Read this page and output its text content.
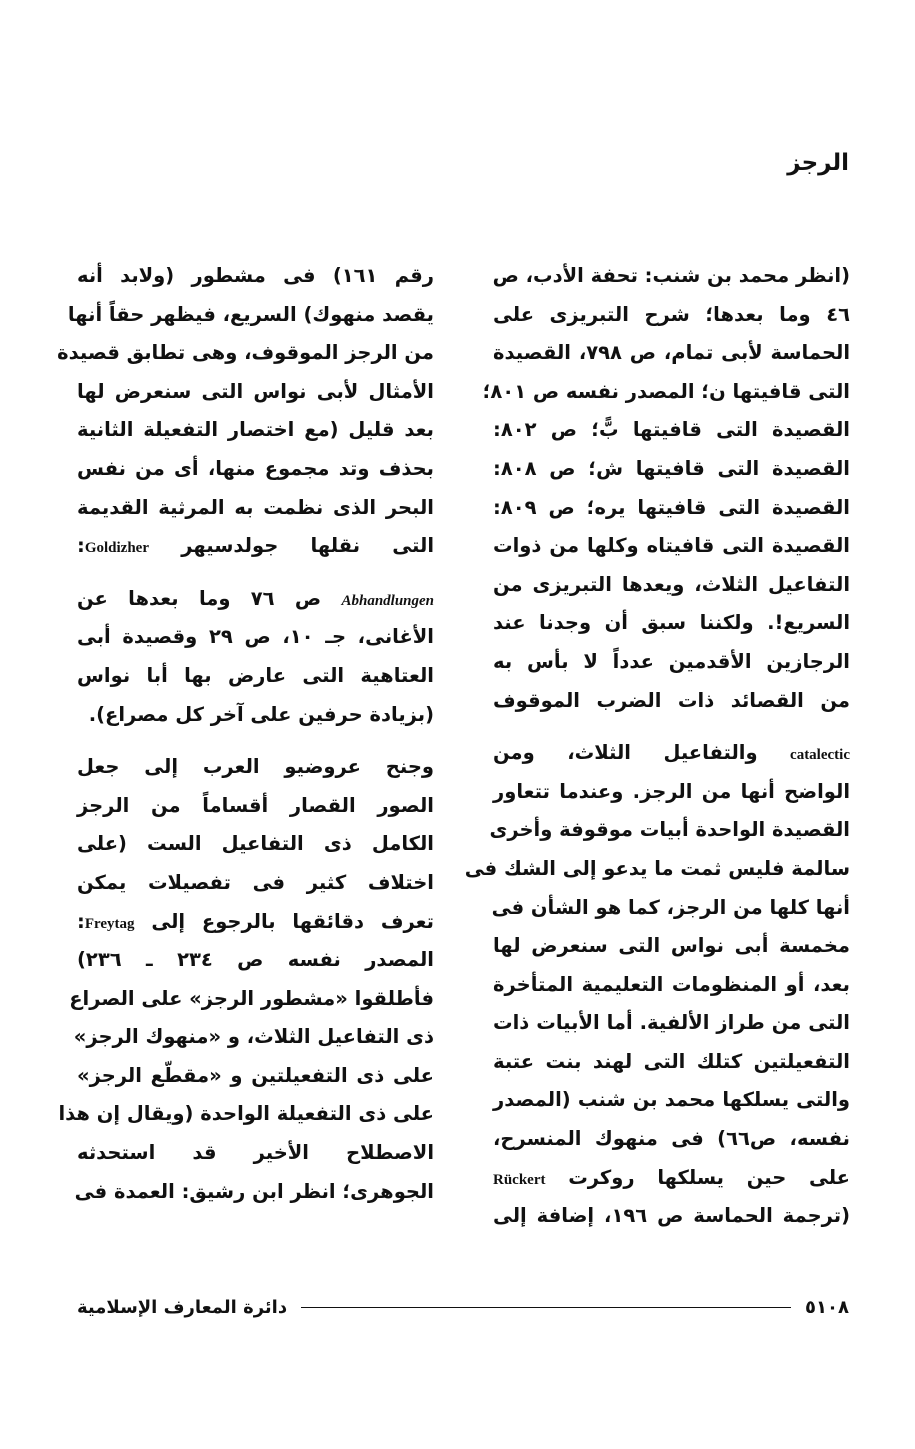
الرجز
(انظر محمد بن شنب: تحفة الأدب، ص
٤٦ وما بعدها؛ شرح التبريزى على
الحماسة لأبى تمام، ص ٧٩٨، القصيدة
التى قافيتها ن؛ المصدر نفسه ص ٨٠١؛
القصيدة التى قافيتها بًّ؛ ص ٨٠٢:
القصيدة التى قافيتها ش؛ ص ٨٠٨:
القصيدة التى قافيتها يره؛ ص ٨٠٩:
القصيدة التى قافيتاه وكلها من ذوات
التفاعيل الثلاث، ويعدها التبريزى من
السريع!. ولكننا سبق أن وجدنا عند
الرجازين الأقدمين عدداً لا بأس به
من القصائد ذات الضرب الموقوف
catalectic والتفاعيل الثلاث، ومن
الواضح أنها من الرجز. وعندما تتعاور
القصيدة الواحدة أبيات موقوفة وأخرى
سالمة فليس ثمت ما يدعو إلى الشك فى
أنها كلها من الرجز، كما هو الشأن فى
مخمسة أبى نواس التى سنعرض لها
بعد، أو المنظومات التعليمية المتأخرة
التى من طراز الألفية. أما الأبيات ذات
التفعيلتين كتلك التى لهند بنت عتبة
والتى يسلكها محمد بن شنب (المصدر
نفسه، ص٦٦) فى منهوك المنسرح،
على حين يسلكها روكرت Rückert
(ترجمة الحماسة ص ١٩٦، إضافة إلى
رقم ١٦١) فى مشطور (ولابد أنه
يقصد منهوك) السريع، فيظهر حقاً أنها
من الرجز الموقوف، وهى تطابق قصيدة
الأمثال لأبى نواس التى سنعرض لها
بعد قليل (مع اختصار التفعيلة الثانية
بحذف وتد مجموع منها، أى من نفس
البحر الذى نظمت به المرثية القديمة
التى نقلها جولدسيهر Goldizher:
Abhandlungen ص ٧٦ وما بعدها عن
الأغانى، جـ ١٠، ص ٢٩ وقصيدة أبى
العتاهية التى عارض بها أبا نواس
(بزيادة حرفين على آخر كل مصراع).
وجنح عروضيو العرب إلى جعل
الصور القصار أقساماً من الرجز
الكامل ذى التفاعيل الست (على
اختلاف كثير فى تفصيلات يمكن
تعرف دقائقها بالرجوع إلى Freytag:
المصدر نفسه ص ٢٣٤ ـ ٢٣٦)
فأطلقوا «مشطور الرجز» على الصراع
ذى التفاعيل الثلاث، و «منهوك الرجز»
على ذى التفعيلتين و «مقطّع الرجز»
على ذى التفعيلة الواحدة (ويقال إن هذا
الاصطلاح الأخير قد استحدثه
الجوهرى؛ انظر ابن رشيق: العمدة فى
دائرة المعارف الإسلامية	٥١٠٨
